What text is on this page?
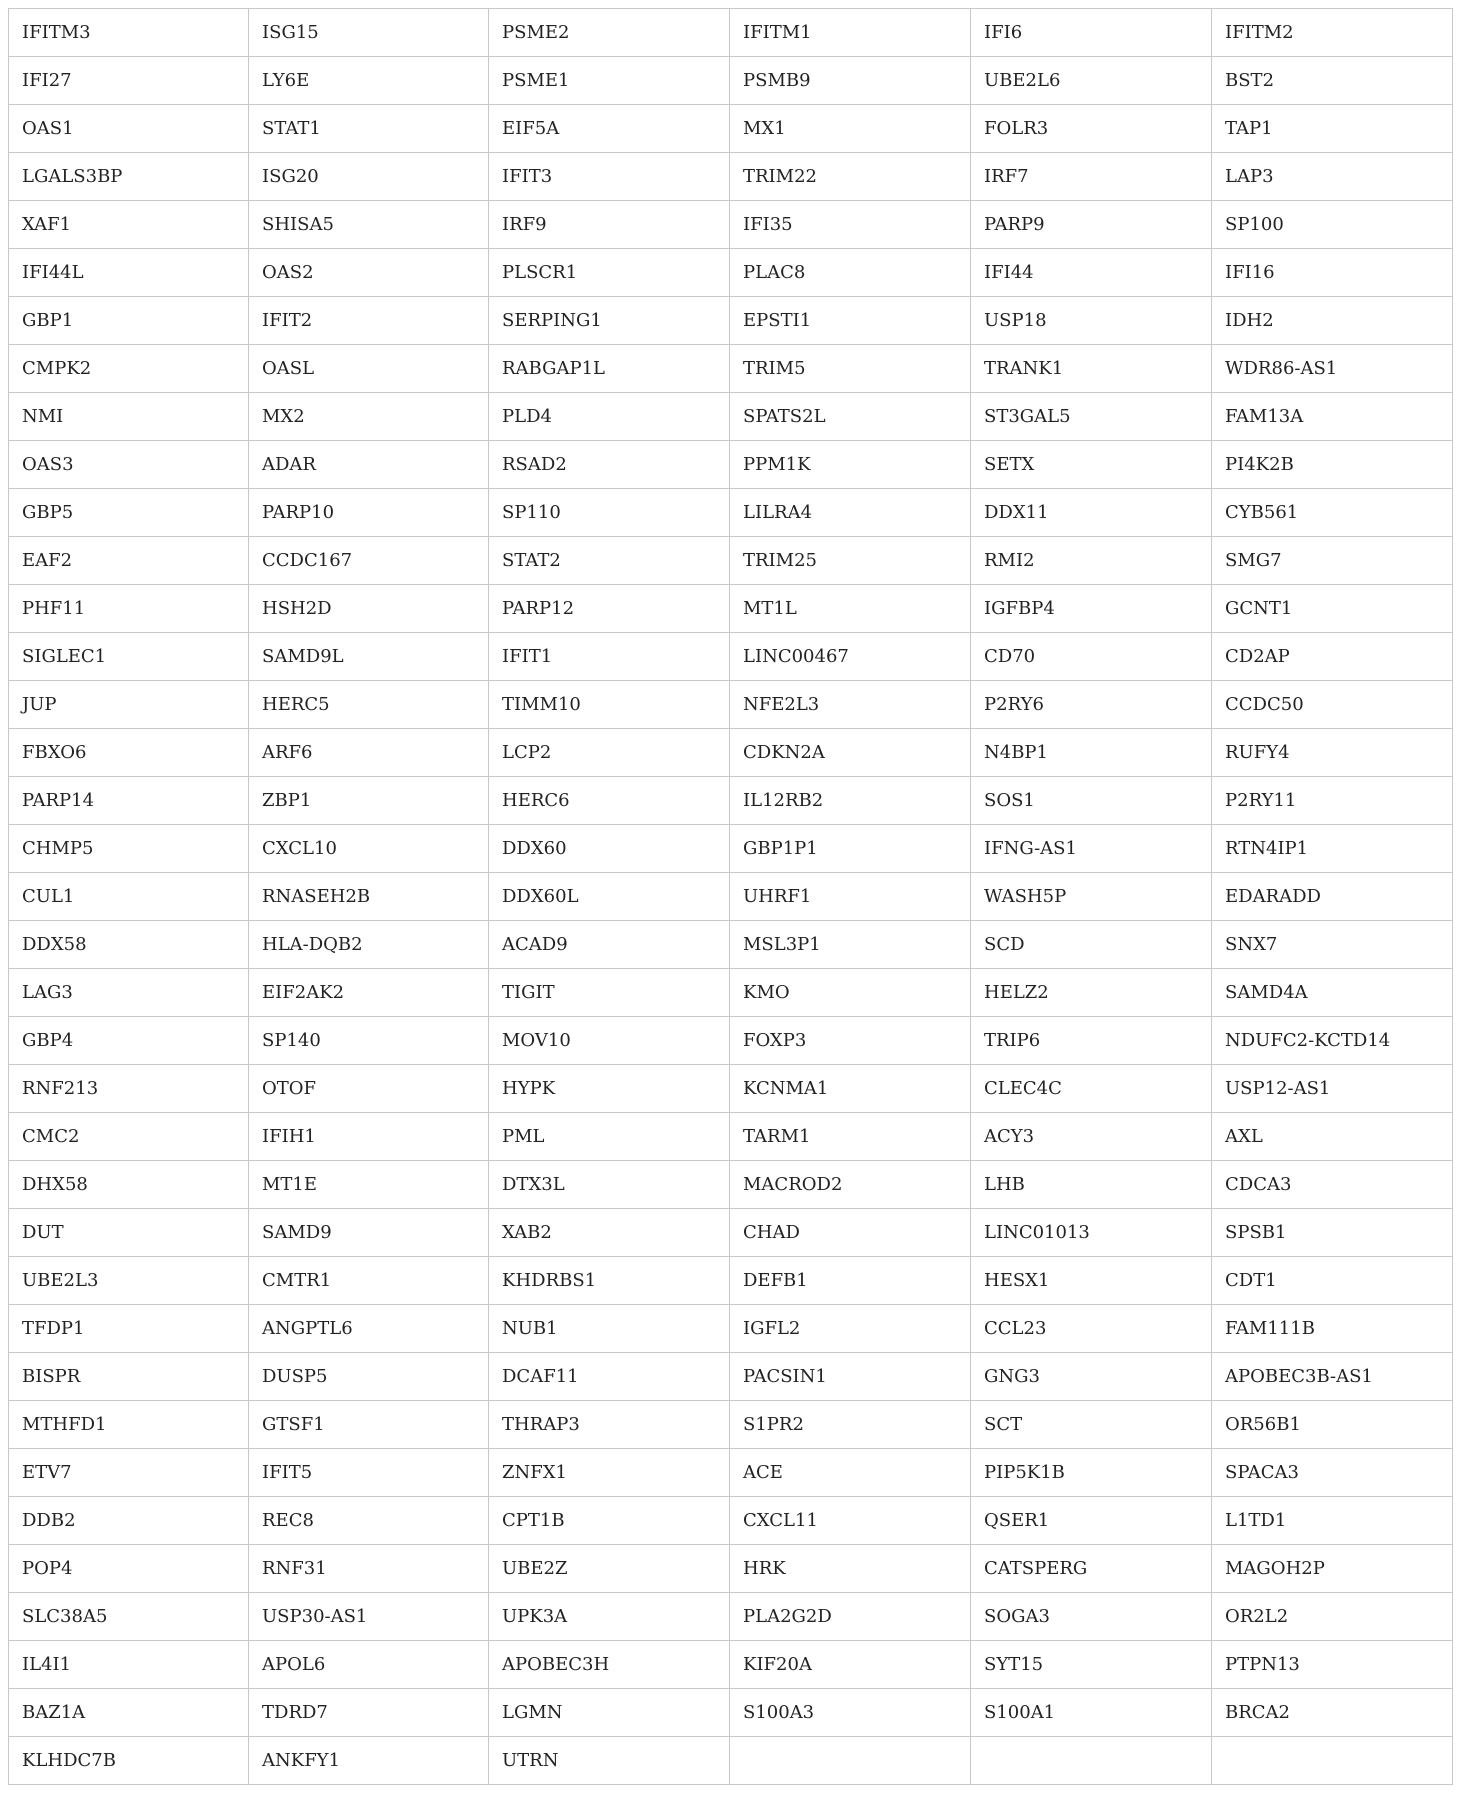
IFITM3	ISG15	PSME2	IFITM1	IFI6	IFITM2
IFI27	LY6E	PSME1	PSMB9	UBE2L6	BST2
OAS1	STAT1	EIF5A	MX1	FOLR3	TAP1
LGALS3BP	ISG20	IFIT3	TRIM22	IRF7	LAP3
XAF1	SHISA5	IRF9	IFI35	PARP9	SP100
IFI44L	OAS2	PLSCR1	PLAC8	IFI44	IFI16
GBP1	IFIT2	SERPING1	EPSTI1	USP18	IDH2
CMPK2	OASL	RABGAP1L	TRIM5	TRANK1	WDR86-AS1
NMI	MX2	PLD4	SPATS2L	ST3GAL5	FAM13A
OAS3	ADAR	RSAD2	PPM1K	SETX	PI4K2B
GBP5	PARP10	SP110	LILRA4	DDX11	CYB561
EAF2	CCDC167	STAT2	TRIM25	RMI2	SMG7
PHF11	HSH2D	PARP12	MT1L	IGFBP4	GCNT1
SIGLEC1	SAMD9L	IFIT1	LINC00467	CD70	CD2AP
JUP	HERC5	TIMM10	NFE2L3	P2RY6	CCDC50
FBXO6	ARF6	LCP2	CDKN2A	N4BP1	RUFY4
PARP14	ZBP1	HERC6	IL12RB2	SOS1	P2RY11
CHMP5	CXCL10	DDX60	GBP1P1	IFNG-AS1	RTN4IP1
CUL1	RNASEH2B	DDX60L	UHRF1	WASH5P	EDARADD
DDX58	HLA-DQB2	ACAD9	MSL3P1	SCD	SNX7
LAG3	EIF2AK2	TIGIT	KMO	HELZ2	SAMD4A
GBP4	SP140	MOV10	FOXP3	TRIP6	NDUFC2-KCTD14
RNF213	OTOF	HYPK	KCNMA1	CLEC4C	USP12-AS1
CMC2	IFIH1	PML	TARM1	ACY3	AXL
DHX58	MT1E	DTX3L	MACROD2	LHB	CDCA3
DUT	SAMD9	XAB2	CHAD	LINC01013	SPSB1
UBE2L3	CMTR1	KHDRBS1	DEFB1	HESX1	CDT1
TFDP1	ANGPTL6	NUB1	IGFL2	CCL23	FAM111B
BISPR	DUSP5	DCAF11	PACSIN1	GNG3	APOBEC3B-AS1
MTHFD1	GTSF1	THRAP3	S1PR2	SCT	OR56B1
ETV7	IFIT5	ZNFX1	ACE	PIP5K1B	SPACA3
DDB2	REC8	CPT1B	CXCL11	QSER1	L1TD1
POP4	RNF31	UBE2Z	HRK	CATSPERG	MAGOH2P
SLC38A5	USP30-AS1	UPK3A	PLA2G2D	SOGA3	OR2L2
IL4I1	APOL6	APOBEC3H	KIF20A	SYT15	PTPN13
BAZ1A	TDRD7	LGMN	S100A3	S100A1	BRCA2
KLHDC7B	ANKFY1	UTRN			
